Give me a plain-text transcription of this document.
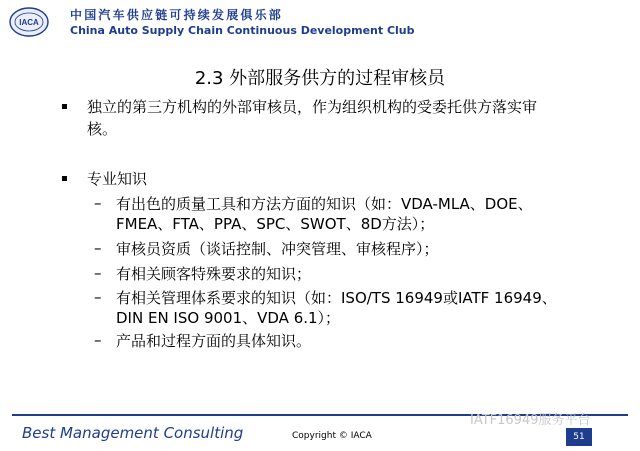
IACA
中国汽车供应链可持续发展俱乐部
China Auto Supply Chain Continuous Development Club
2.3 外部服务供方的过程审核员
独立的第三方机构的外部审核员，作为组织机构的受委托供方落实审
核。
专业知识
– 有出色的质量工具和方法方面的知识（如：VDA-MLA、DOE、
FMEA、FTA、PPA、SPC、SWOT、8D方法）；
– 审核员资质（谈话控制、冲突管理、审核程序）；
– 有相关顾客特殊要求的知识；
– 有相关管理体系要求的知识（如：ISO/TS 16949或IATF 16949、
DIN EN ISO 9001、VDA 6.1）；
– 产品和过程方面的具体知识。
Best Management Consulting	Copyright © IACA
IATF16949服务平台
51
